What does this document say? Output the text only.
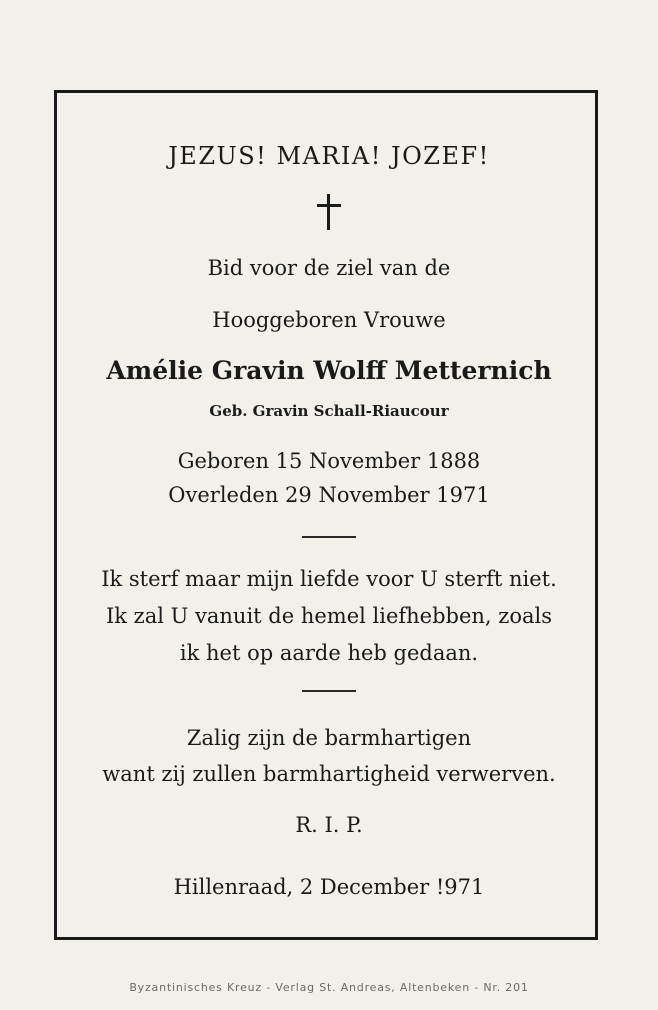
JEZUS! MARIA! JOZEF!
Bid voor de ziel van de
Hooggeboren Vrouwe
Amélie Gravin Wolff Metternich
Geb. Gravin Schall-Riaucour
Geboren 15 November 1888
Overleden 29 November 1971
Ik sterf maar mijn liefde voor U sterft niet.
Ik zal U vanuit de hemel liefhebben, zoals
ik het op aarde heb gedaan.
Zalig zijn de barmhartigen
want zij zullen barmhartigheid verwerven.
R. I. P.
Hillenraad, 2 December !971
Byzantinisches Kreuz - Verlag St. Andreas, Altenbeken - Nr. 201
